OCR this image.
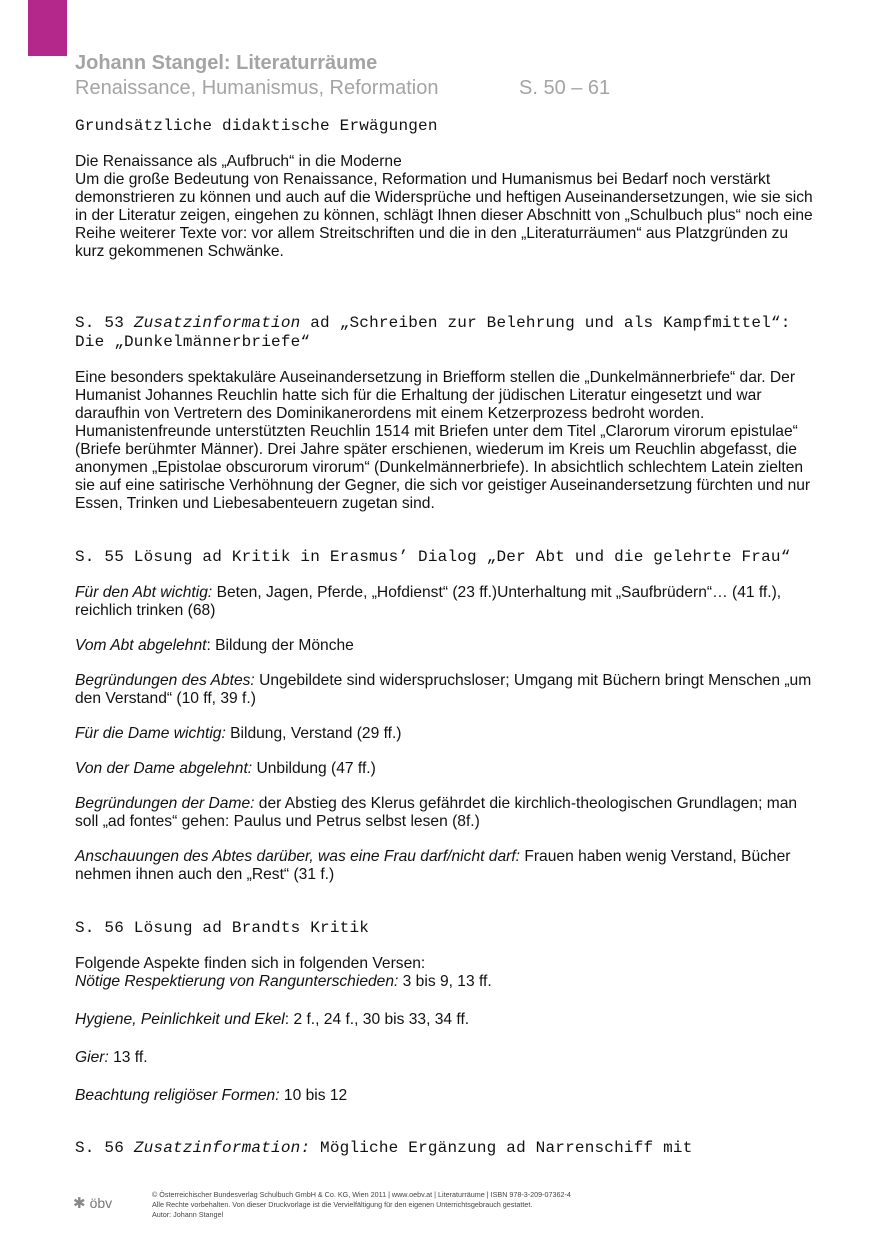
Johann Stangel: Literaturräume
Renaissance, Humanismus, Reformation	S. 50 – 61

Grundsätzliche didaktische Erwägungen

Die Renaissance als „Aufbruch“ in die Moderne

Um die große Bedeutung von Renaissance, Reformation und Humanismus bei Bedarf noch verstärkt demonstrieren zu können und auch auf die Widersprüche und heftigen Auseinandersetzungen, wie sie sich in der Literatur zeigen, eingehen zu können, schlägt Ihnen dieser Abschnitt von „Schulbuch plus“ noch eine Reihe weiterer Texte vor: vor allem Streitschriften und die in den „Literaturräumen“ aus Platzgründen zu kurz gekommenen Schwänke.

S. 53 Zusatzinformation ad „Schreiben zur Belehrung und als Kampfmittel“: Die „Dunkelmännerbriefe“

Eine besonders spektakuläre Auseinandersetzung in Briefform stellen die „Dunkelmännerbriefe“ dar. Der Humanist Johannes Reuchlin hatte sich für die Erhaltung der jüdischen Literatur eingesetzt und war daraufhin von Vertretern des Dominikanerordens mit einem Ketzerprozess bedroht worden. Humanistenfreunde unterstützten Reuchlin 1514 mit Briefen unter dem Titel „Clarorum virorum epistulae“ (Briefe berühmter Männer). Drei Jahre später erschienen, wiederum im Kreis um Reuchlin abgefasst, die anonymen „Epistolae obscurorum virorum“ (Dunkelmännerbriefe). In absichtlich schlechtem Latein zielten sie auf eine satirische Verhöhnung der Gegner, die sich vor geistiger Auseinandersetzung fürchten und nur Essen, Trinken und Liebesabenteuern zugetan sind.

S. 55 Lösung ad Kritik in Erasmus’ Dialog „Der Abt und die gelehrte Frau“

Für den Abt wichtig: Beten, Jagen, Pferde, „Hofdienst“ (23 ff.)Unterhaltung mit „Saufbrüdern“… (41 ff.), reichlich trinken (68)

Vom Abt abgelehnt: Bildung der Mönche

Begründungen des Abtes: Ungebildete sind widerspruchsloser; Umgang mit Büchern bringt Menschen „um den Verstand“ (10 ff, 39 f.)

Für die Dame wichtig: Bildung, Verstand (29 ff.)

Von der Dame abgelehnt: Unbildung (47 ff.)

Begründungen der Dame: der Abstieg des Klerus gefährdet die kirchlich-theologischen Grundlagen; man soll „ad fontes“ gehen: Paulus und Petrus selbst lesen (8f.)

Anschauungen des Abtes darüber, was eine Frau darf/nicht darf: Frauen haben wenig Verstand, Bücher nehmen ihnen auch den „Rest“ (31 f.)

S. 56 Lösung ad Brandts Kritik

Folgende Aspekte finden sich in folgenden Versen:

Nötige Respektierung von Rangunterschieden: 3 bis 9, 13 ff.

Hygiene, Peinlichkeit und Ekel: 2 f., 24 f., 30 bis 33, 34 ff.

Gier: 13 ff.

Beachtung religiöser Formen: 10 bis 12

S. 56 Zusatzinformation: Mögliche Ergänzung ad Narrenschiff mit

✱ öbv
© Österreichischer Bundesverlag Schulbuch GmbH & Co. KG, Wien 2011 | www.oebv.at | Literaturräume | ISBN 978-3-209-07362-4
Alle Rechte vorbehalten. Von dieser Druckvorlage ist die Vervielfältigung für den eigenen Unterrichtsgebrauch gestattet.
Autor: Johann Stangel
